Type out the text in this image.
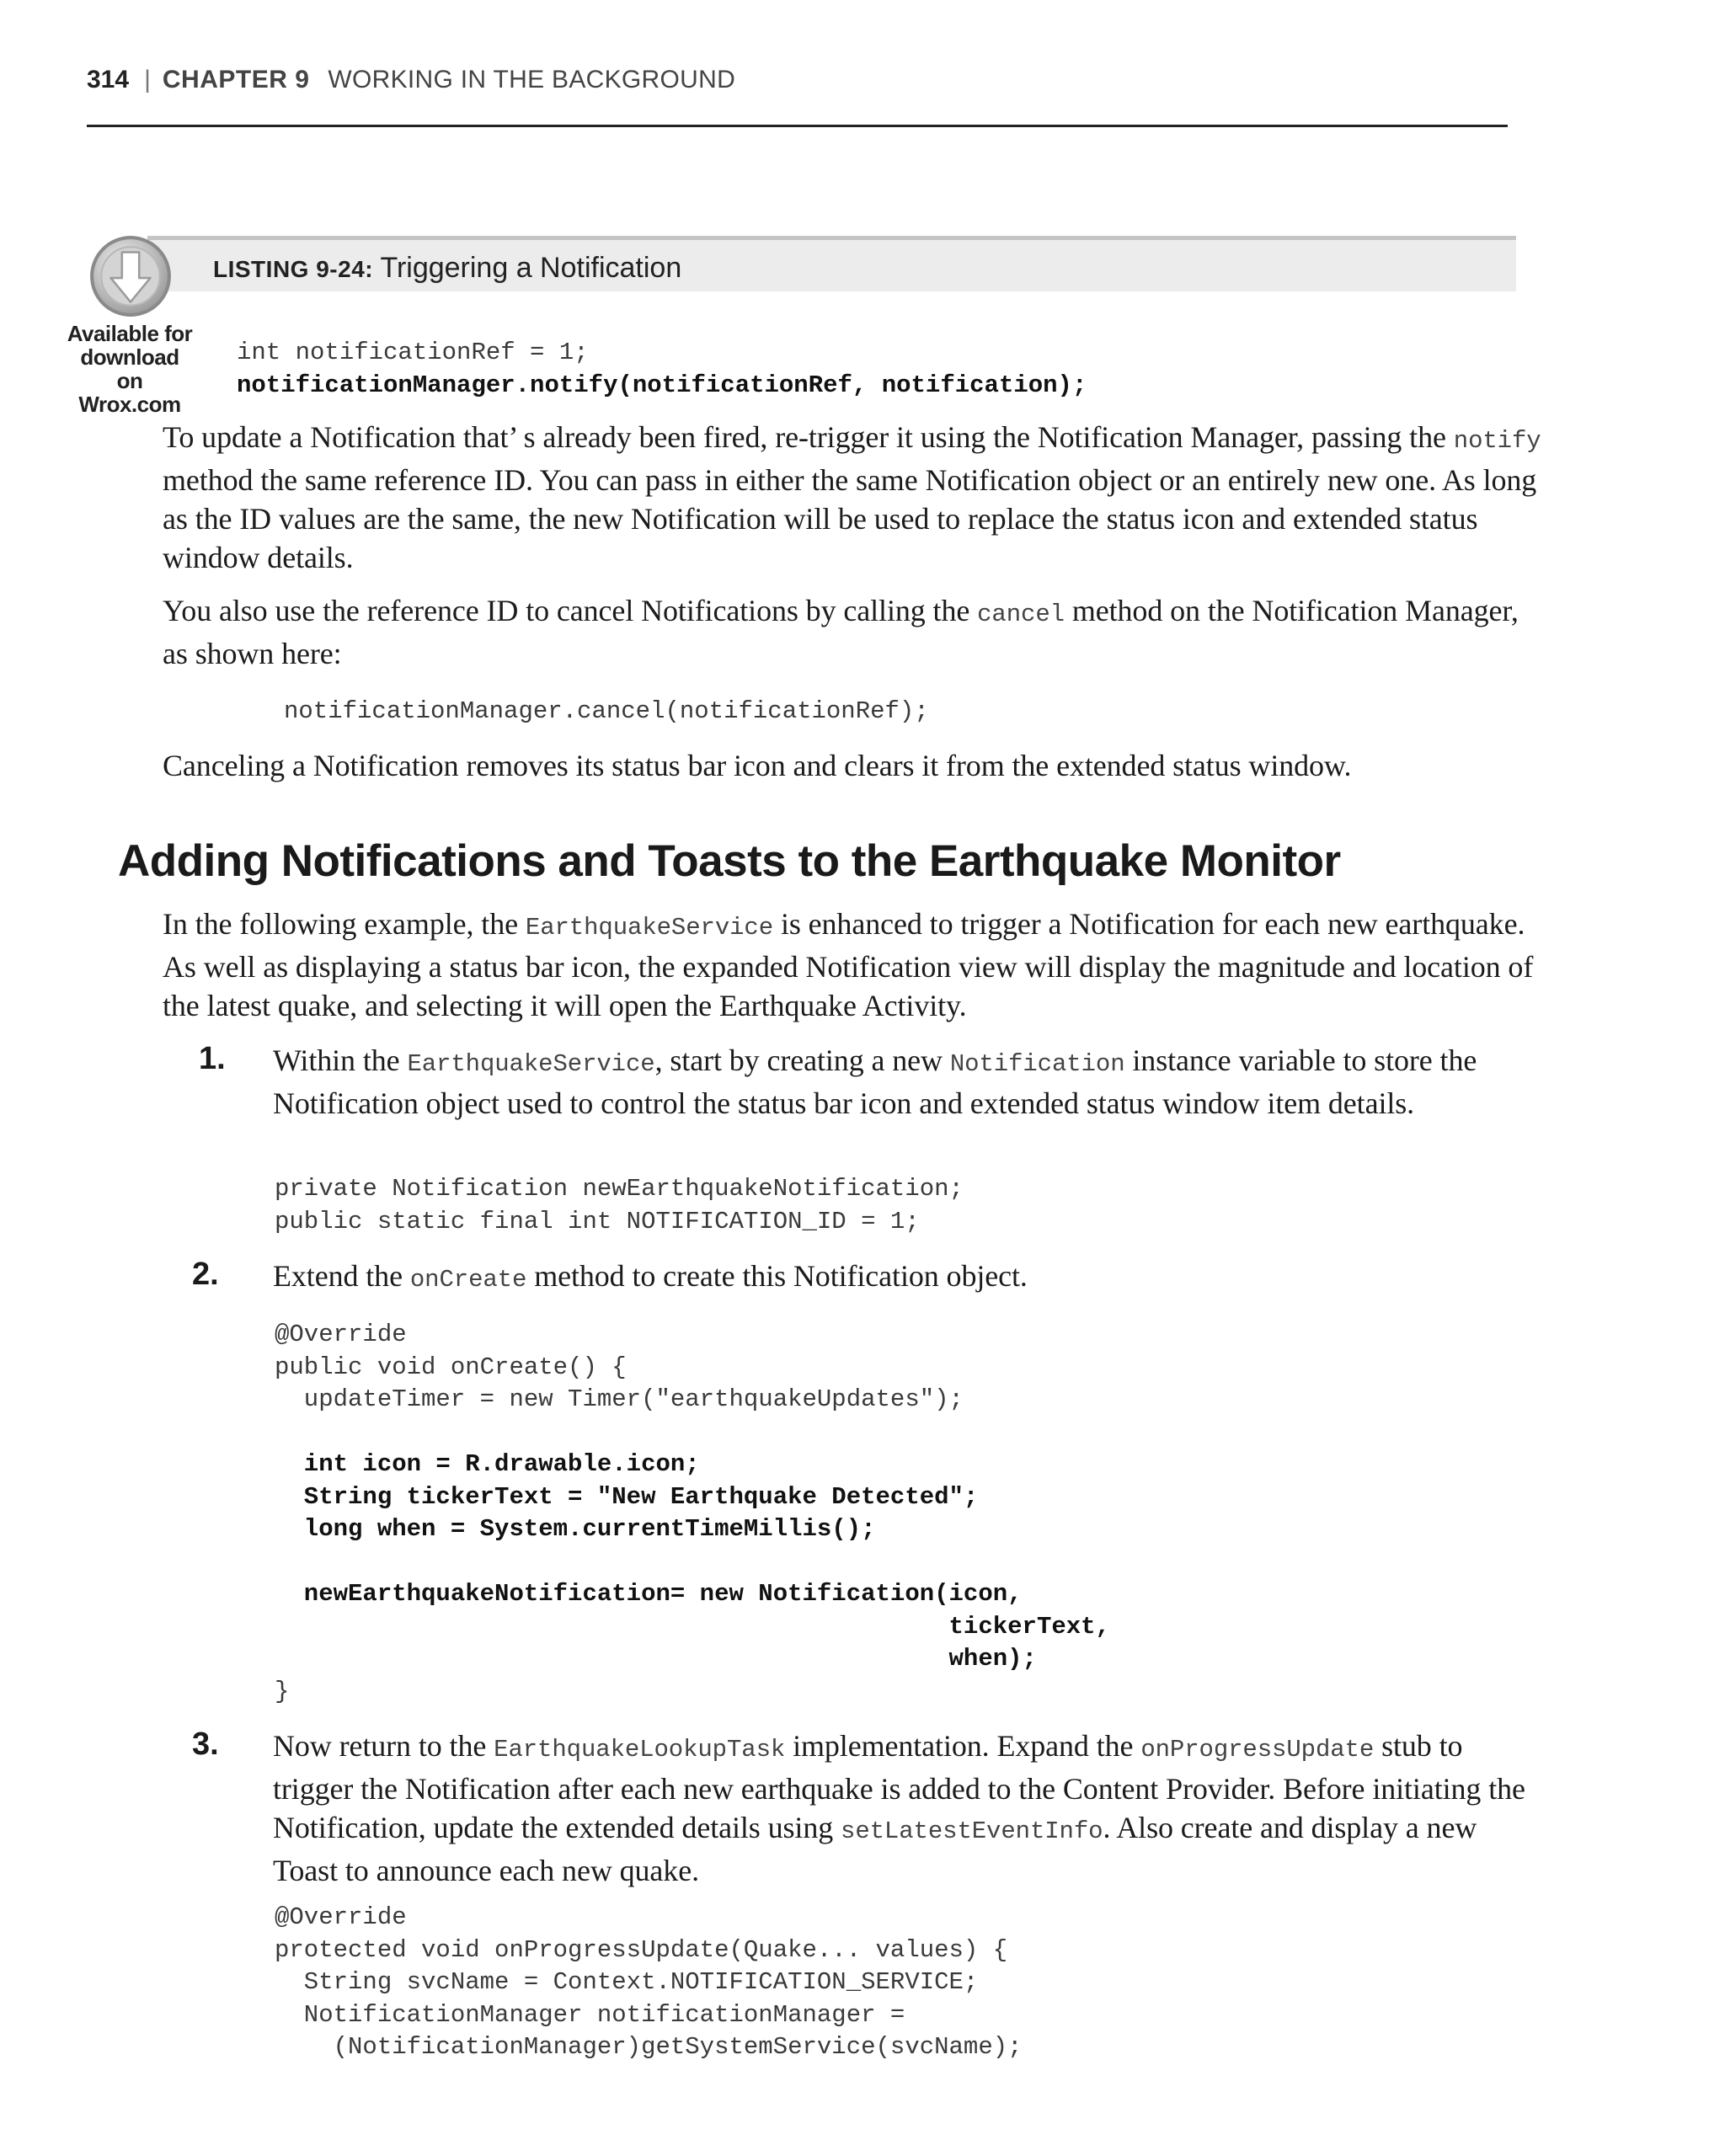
314 | CHAPTER 9 WORKING IN THE BACKGROUND
LISTING 9-24: Triggering a Notification
Available for
download on
Wrox.com
int notificationRef = 1;
notificationManager.notify(notificationRef, notification);

To update a Notification that’ s already been fired, re-trigger it using the Notification Manager, passing the notify method the same reference ID. You can pass in either the same Notification object or an entirely new one. As long as the ID values are the same, the new Notification will be used to replace the status icon and extended status window details.

You also use the reference ID to cancel Notifications by calling the cancel method on the Notification Manager, as shown here:

notificationManager.cancel(notificationRef);

Canceling a Notification removes its status bar icon and clears it from the extended status window.

Adding Notifications and Toasts to the Earthquake Monitor

In the following example, the EarthquakeService is enhanced to trigger a Notification for each new earthquake. As well as displaying a status bar icon, the expanded Notification view will display the magnitude and location of the latest quake, and selecting it will open the Earthquake Activity.

1. Within the EarthquakeService, start by creating a new Notification instance variable to store the Notification object used to control the status bar icon and extended status window item details.

private Notification newEarthquakeNotification;
public static final int NOTIFICATION_ID = 1;
2. Extend the onCreate method to create this Notification object.

@Override
public void onCreate() {
updateTimer = new Timer("earthquakeUpdates");

int icon = R.drawable.icon;
String tickerText = "New Earthquake Detected";
long when = System.currentTimeMillis();

newEarthquakeNotification= new Notification(icon,
tickerText,
when);
}
3. Now return to the EarthquakeLookupTask implementation. Expand the onProgressUpdate stub to trigger the Notification after each new earthquake is added to the Content Provider. Before initiating the Notification, update the extended details using setLatestEventInfo. Also create and display a new Toast to announce each new quake.

@Override
protected void onProgressUpdate(Quake... values) {
String svcName = Context.NOTIFICATION_SERVICE;
NotificationManager notificationManager =
(NotificationManager)getSystemService(svcName);
